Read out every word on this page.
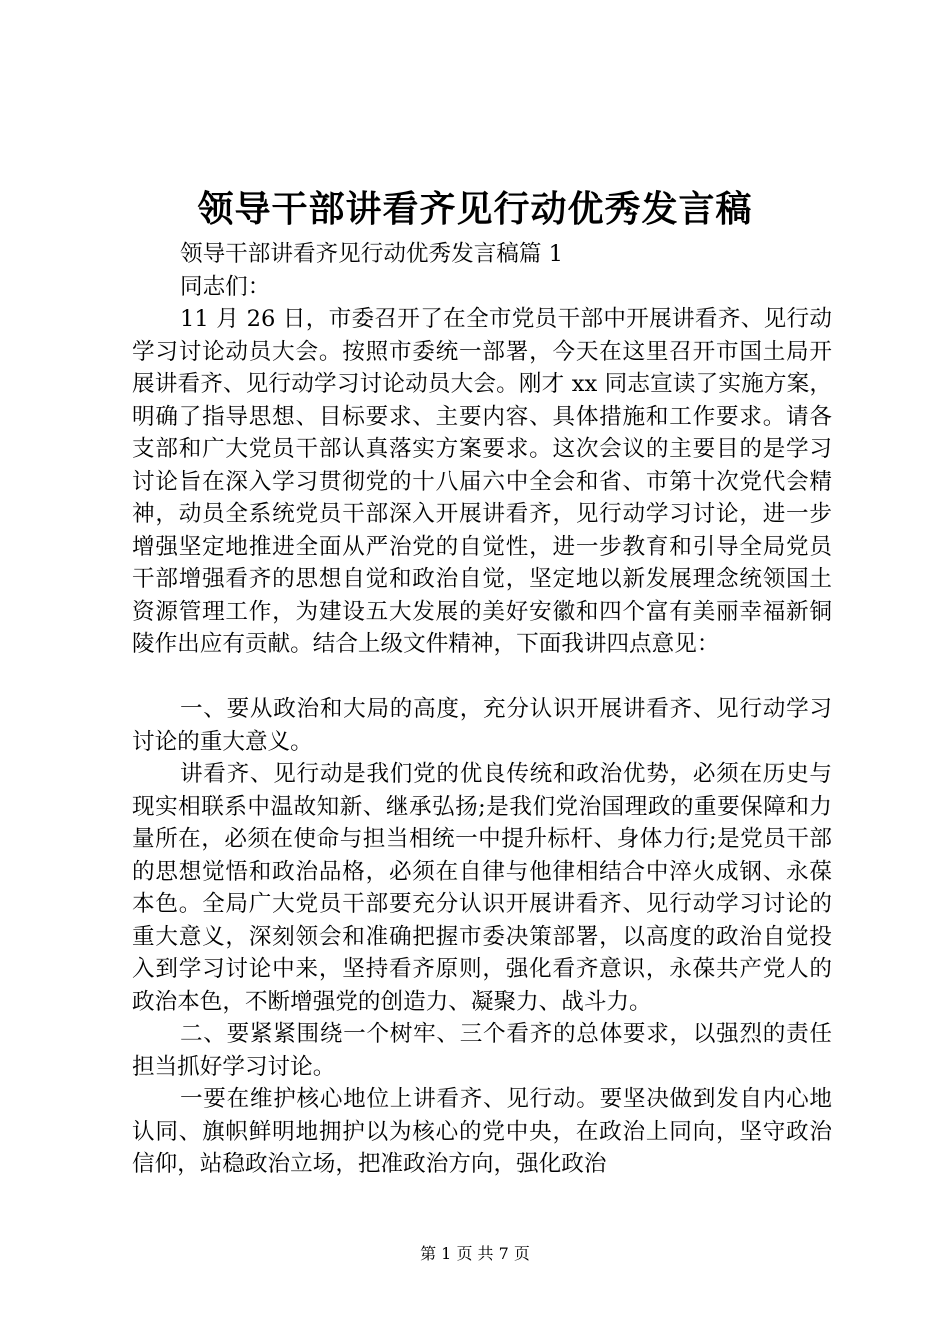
领导干部讲看齐见行动优秀发言稿

领导干部讲看齐见行动优秀发言稿篇 1

同志们：

11 月 26 日，市委召开了在全市党员干部中开展讲看齐、见行动学习讨论动员大会。按照市委统一部署，今天在这里召开市国土局开展讲看齐、见行动学习讨论动员大会。刚才 xx 同志宣读了实施方案，明确了指导思想、目标要求、主要内容、具体措施和工作要求。请各支部和广大党员干部认真落实方案要求。这次会议的主要目的是学习讨论旨在深入学习贯彻党的十八届六中全会和省、市第十次党代会精神，动员全系统党员干部深入开展讲看齐，见行动学习讨论，进一步增强坚定地推进全面从严治党的自觉性，进一步教育和引导全局党员干部增强看齐的思想自觉和政治自觉，坚定地以新发展理念统领国土资源管理工作，为建设五大发展的美好安徽和四个富有美丽幸福新铜陵作出应有贡献。结合上级文件精神，下面我讲四点意见：

一、要从政治和大局的高度，充分认识开展讲看齐、见行动学习讨论的重大意义。

讲看齐、见行动是我们党的优良传统和政治优势，必须在历史与现实相联系中温故知新、继承弘扬;是我们党治国理政的重要保障和力量所在，必须在使命与担当相统一中提升标杆、身体力行;是党员干部的思想觉悟和政治品格，必须在自律与他律相结合中淬火成钢、永葆本色。全局广大党员干部要充分认识开展讲看齐、见行动学习讨论的重大意义，深刻领会和准确把握市委决策部署，以高度的政治自觉投入到学习讨论中来，坚持看齐原则，强化看齐意识，永葆共产党人的政治本色，不断增强党的创造力、凝聚力、战斗力。

二、要紧紧围绕一个树牢、三个看齐的总体要求，以强烈的责任担当抓好学习讨论。

一要在维护核心地位上讲看齐、见行动。要坚决做到发自内心地认同、旗帜鲜明地拥护以为核心的党中央，在政治上同向，坚守政治信仰，站稳政治立场，把准政治方向，强化政治

第 1 页 共 7 页
